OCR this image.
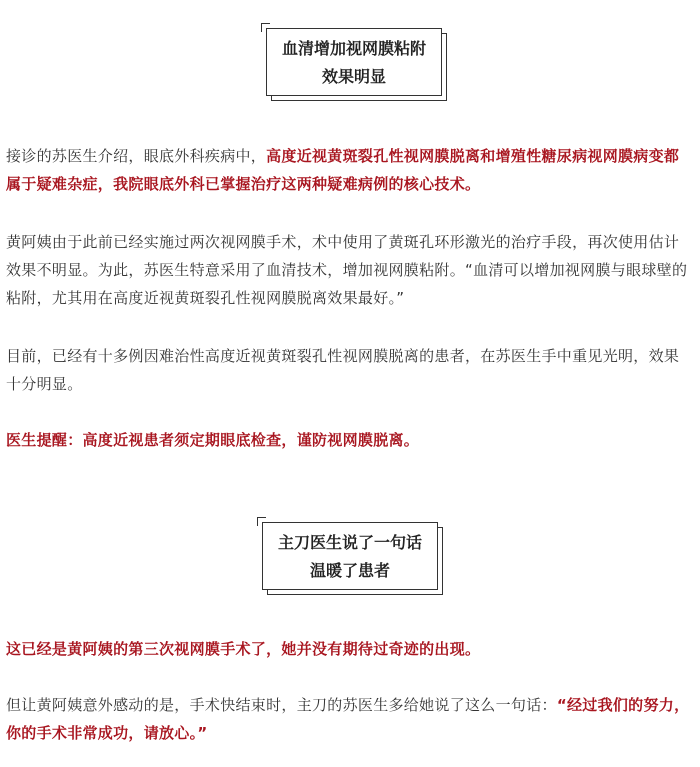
血清增加视网膜粘附
效果明显

接诊的苏医生介绍，眼底外科疾病中，高度近视黄斑裂孔性视网膜脱离和增殖性糖尿病视网膜病变都属于疑难杂症，我院眼底外科已掌握治疗这两种疑难病例的核心技术。

黄阿姨由于此前已经实施过两次视网膜手术，术中使用了黄斑孔环形激光的治疗手段，再次使用估计效果不明显。为此，苏医生特意采用了血清技术，增加视网膜粘附。“血清可以增加视网膜与眼球壁的粘附，尤其用在高度近视黄斑裂孔性视网膜脱离效果最好。”

目前，已经有十多例因难治性高度近视黄斑裂孔性视网膜脱离的患者，在苏医生手中重见光明，效果十分明显。

医生提醒：高度近视患者须定期眼底检查，谨防视网膜脱离。

主刀医生说了一句话
温暖了患者

这已经是黄阿姨的第三次视网膜手术了，她并没有期待过奇迹的出现。

但让黄阿姨意外感动的是，手术快结束时，主刀的苏医生多给她说了这么一句话：“经过我们的努力，你的手术非常成功，请放心。”
